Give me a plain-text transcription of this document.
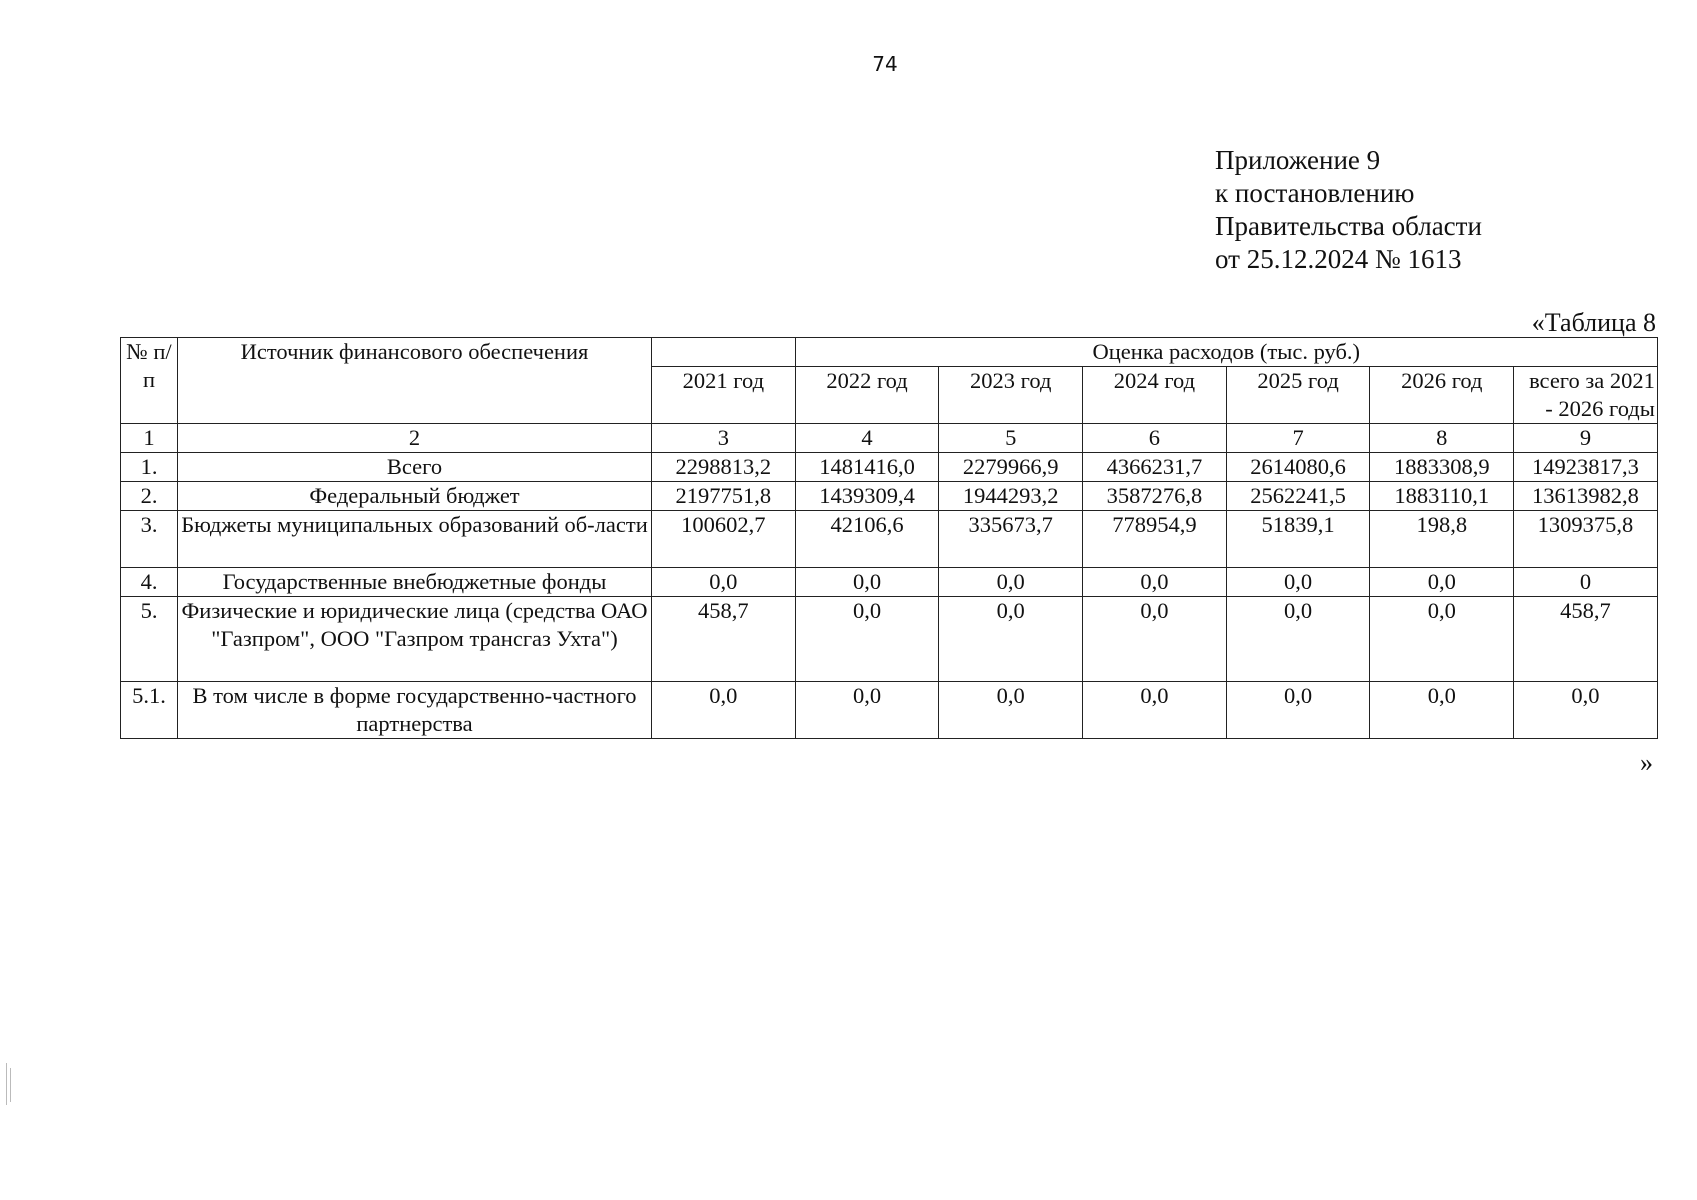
74
Приложение 9
к постановлению
Правительства области
от 25.12.2024 № 1613
«Таблица 8
№ п/п	Источник финансового обеспечения		Оценка расходов (тыс. руб.)					
		2021 год	2022 год	2023 год	2024 год	2025 год	2026 год	всего за 2021 - 2026 годы
1	2	3	4	5	6	7	8	9
1.	Всего	2298813,2	1481416,0	2279966,9	4366231,7	2614080,6	1883308,9	14923817,3
2.	Федеральный бюджет	2197751,8	1439309,4	1944293,2	3587276,8	2562241,5	1883110,1	13613982,8
3.	Бюджеты муниципальных образований об-ласти	100602,7	42106,6	335673,7	778954,9	51839,1	198,8	1309375,8
4.	Государственные внебюджетные фонды	0,0	0,0	0,0	0,0	0,0	0,0	0
5.	Физические и юридические лица (средства ОАО "Газпром", ООО "Газпром трансгаз Ухта")	458,7	0,0	0,0	0,0	0,0	0,0	458,7
5.1.	В том числе в форме государственно-частного партнерства	0,0	0,0	0,0	0,0	0,0	0,0	0,0
»
